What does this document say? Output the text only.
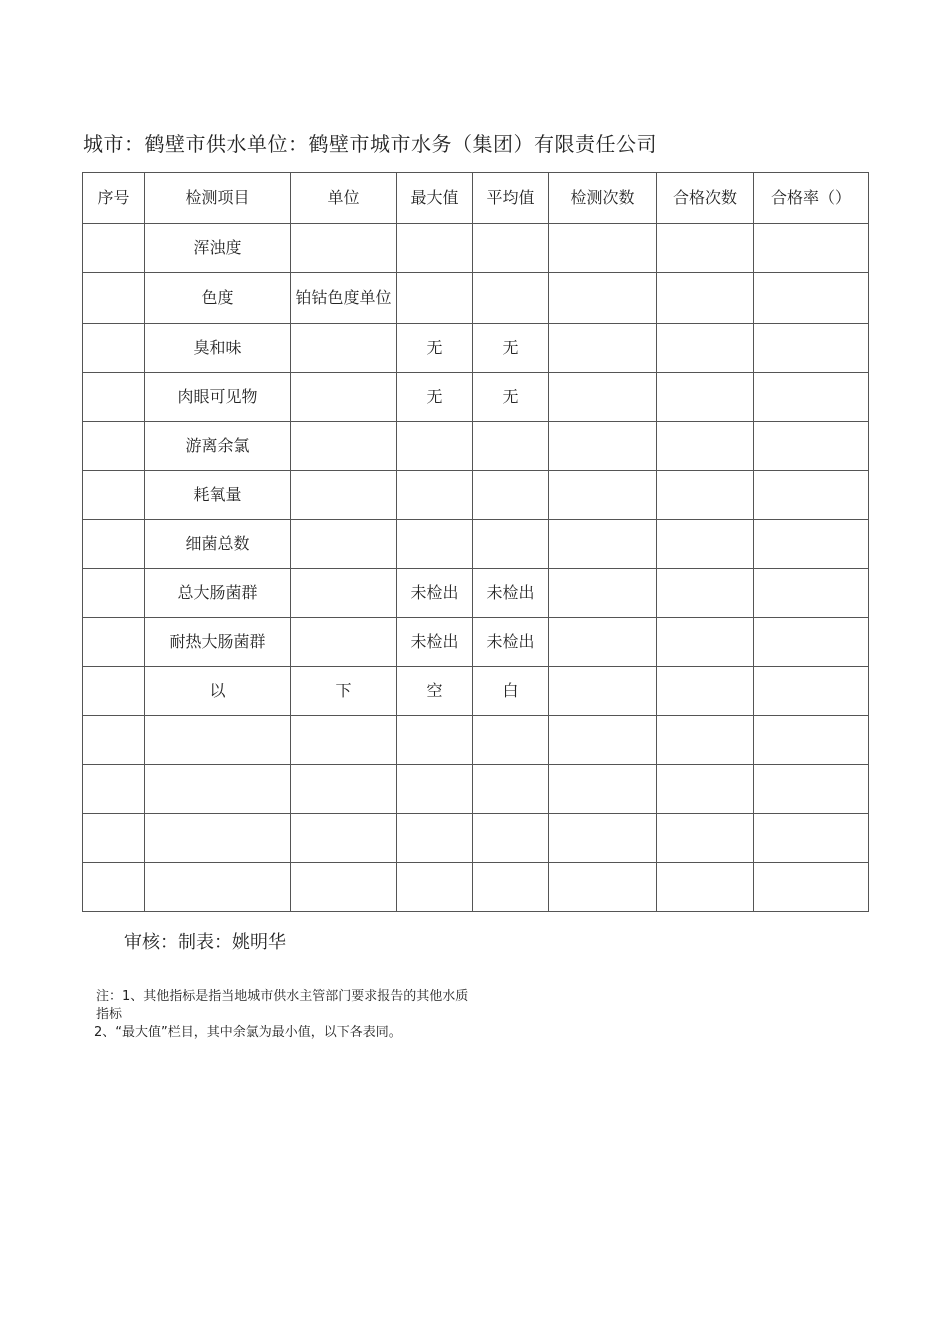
城市：鹤壁市供水单位：鹤壁市城市水务（集团）有限责任公司
序号	检测项目	单位	最大值	平均值	检测次数	合格次数	合格率（）
	浑浊度						
	色度	铂钴色度单位					
	臭和味		无	无			
	肉眼可见物		无	无			
	游离余氯						
	耗氧量						
	细菌总数						
	总大肠菌群		未检出	未检出			
	耐热大肠菌群		未检出	未检出			
	以	下	空	白			

审核：制表：姚明华
注：1、其他指标是指当地城市供水主管部门要求报告的其他水质
指标
2、“最大值”栏目，其中余氯为最小值，以下各表同。
